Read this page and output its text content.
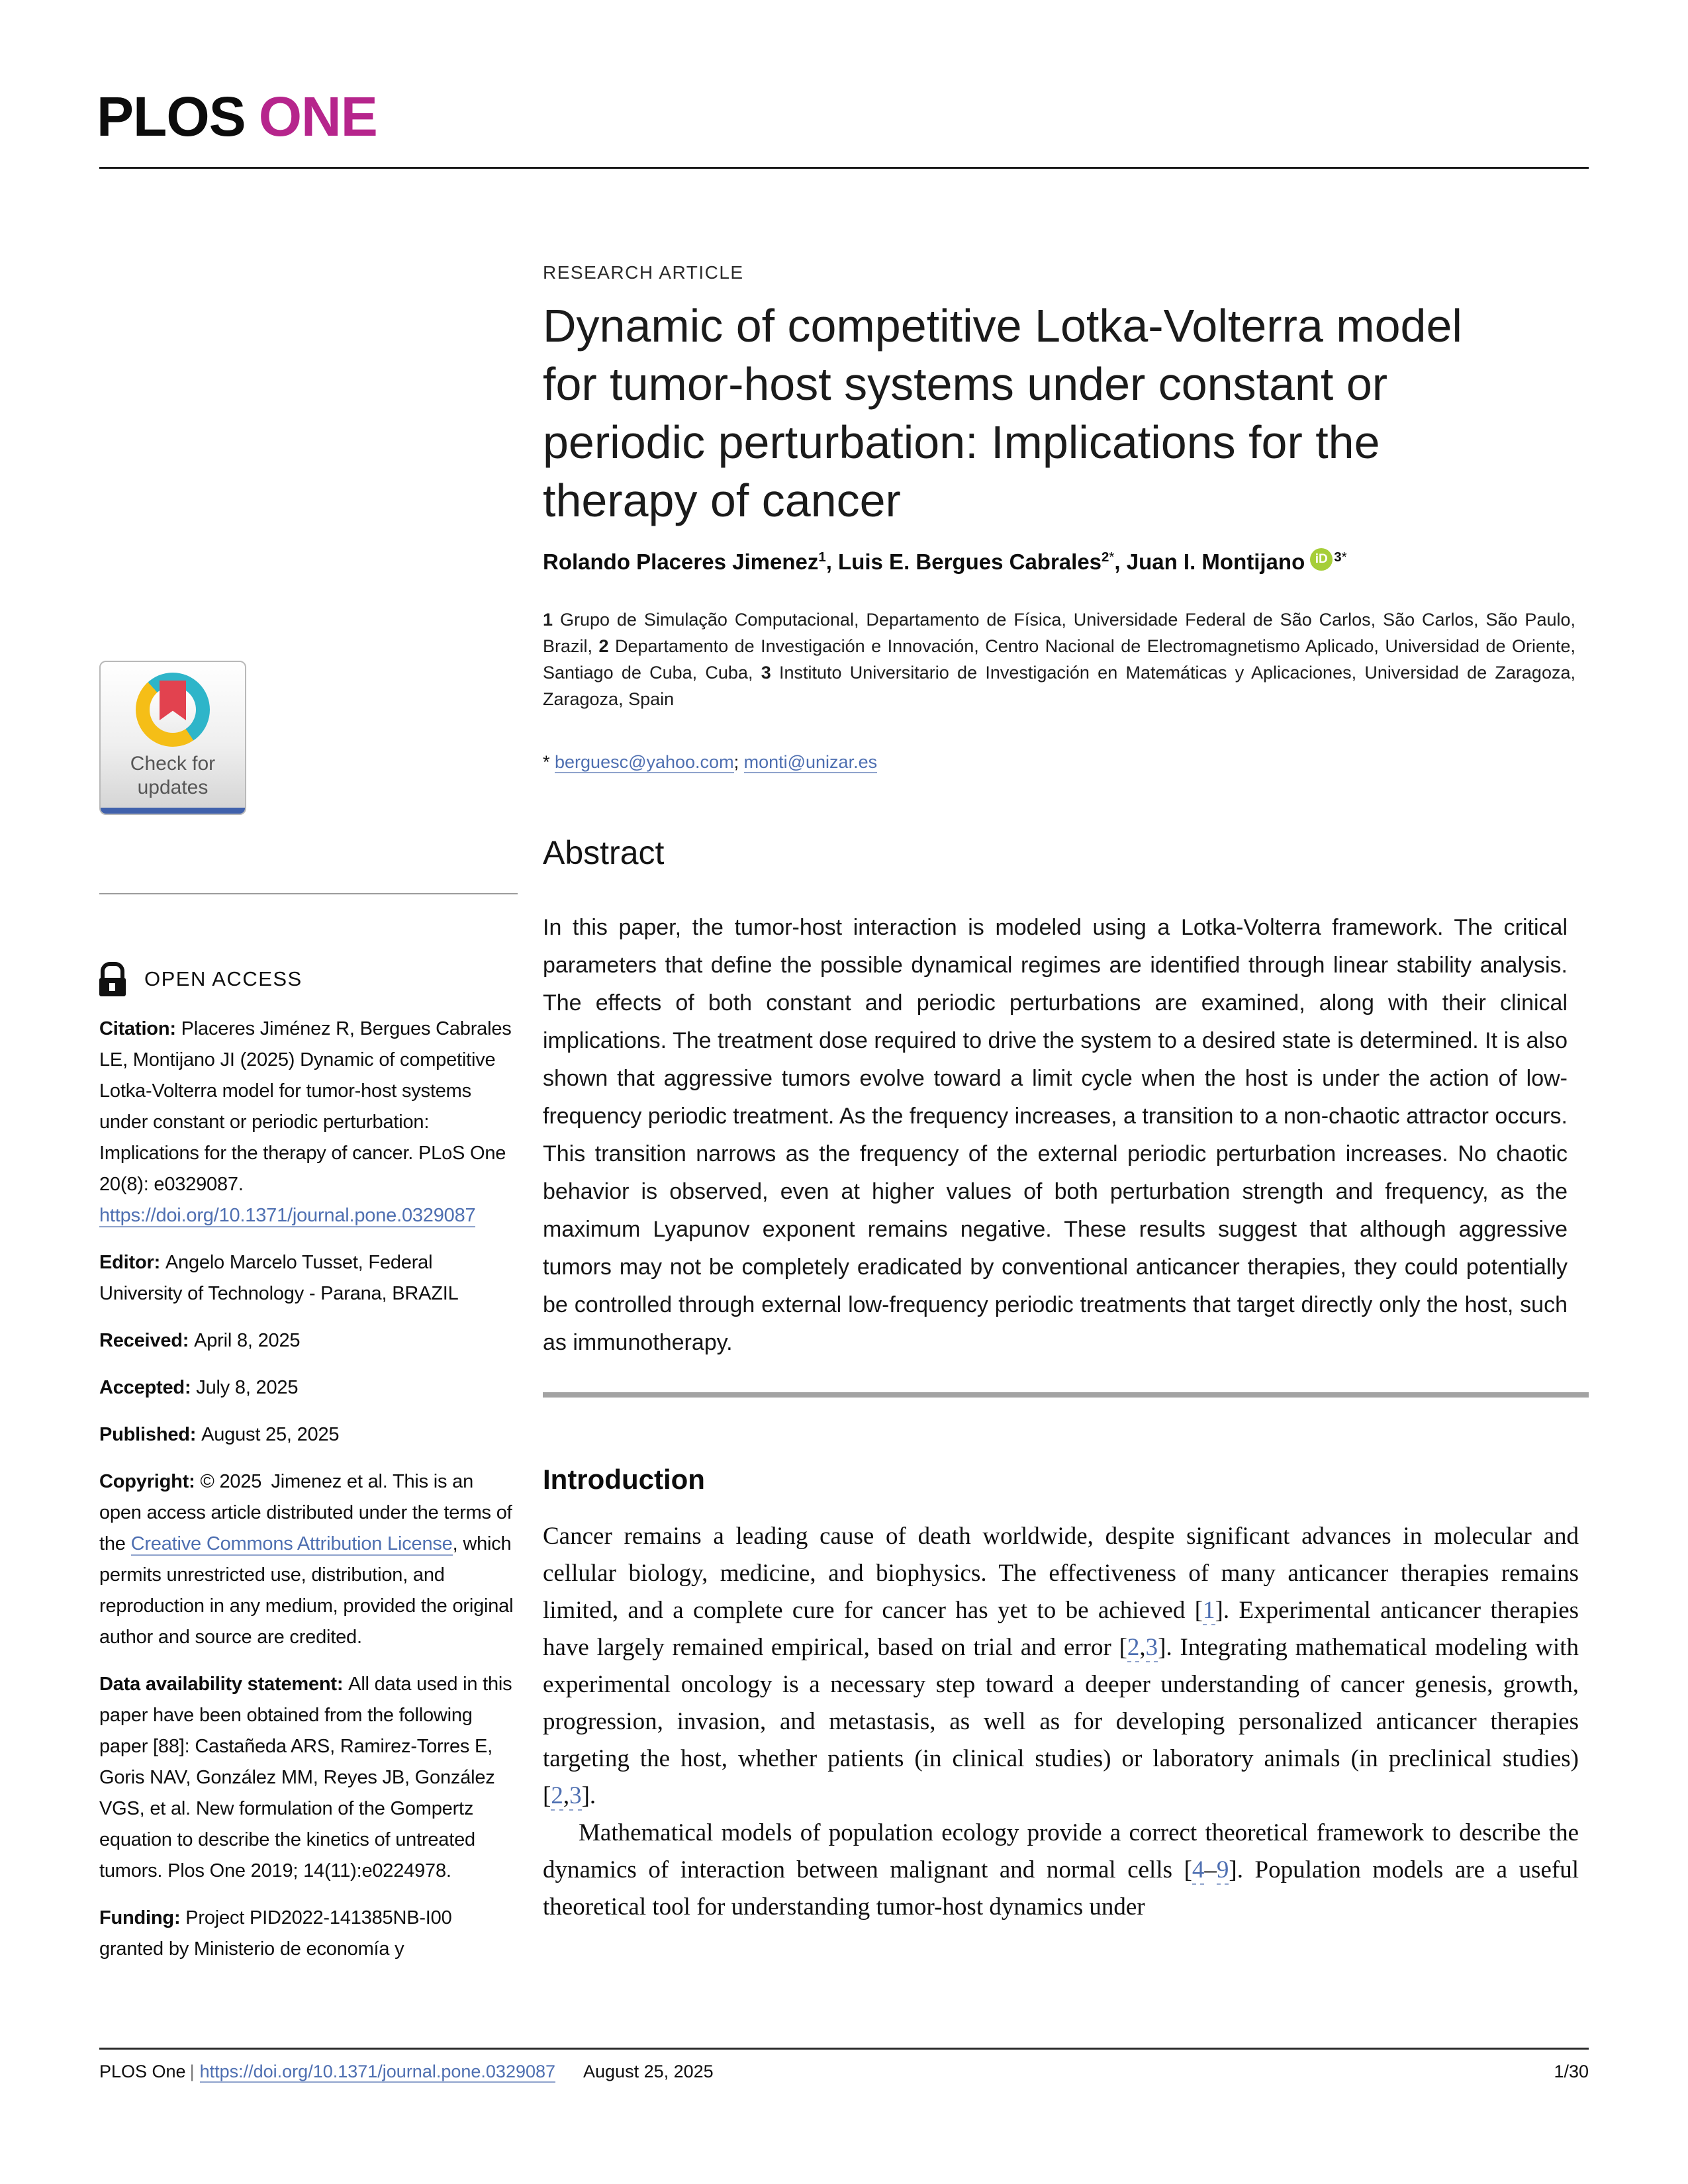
PLOS ONE
Check for
updates
OPEN ACCESS

Citation: Placeres Jiménez R, Bergues Cabrales LE, Montijano JI (2025) Dynamic of competitive Lotka-Volterra model for tumor-host systems under constant or periodic perturbation: Implications for the therapy of cancer. PLoS One 20(8): e0329087. https://doi.org/10.1371/journal.pone.0329087

Editor: Angelo Marcelo Tusset, Federal University of Technology - Parana, BRAZIL

Received: April 8, 2025

Accepted: July 8, 2025

Published: August 25, 2025

Copyright: © 2025 Jimenez et al. This is an open access article distributed under the terms of the Creative Commons Attribution License, which permits unrestricted use, distribution, and reproduction in any medium, provided the original author and source are credited.

Data availability statement: All data used in this paper have been obtained from the following paper [88]: Castañeda ARS, Ramirez-Torres E, Goris NAV, González MM, Reyes JB, González VGS, et al. New formulation of the Gompertz equation to describe the kinetics of untreated tumors. Plos One 2019; 14(11):e0224978.

Funding: Project PID2022-141385NB-I00 granted by Ministerio de economía y

RESEARCH ARTICLE
Dynamic of competitive Lotka-Volterra model for tumor-host systems under constant or periodic perturbation: Implications for the therapy of cancer

Rolando Placeres Jimenez$^1$, Luis E. Bergues Cabrales$^{2*}$, Juan I. Montijano iD $^{3*}$

1 Grupo de Simulação Computacional, Departamento de Física, Universidade Federal de São Carlos, São Carlos, São Paulo, Brazil, 2 Departamento de Investigación e Innovación, Centro Nacional de Electromagnetismo Aplicado, Universidad de Oriente, Santiago de Cuba, Cuba, 3 Instituto Universitario de Investigación en Matemáticas y Aplicaciones, Universidad de Zaragoza, Zaragoza, Spain

* berguesc@yahoo.com; monti@unizar.es

Abstract

In this paper, the tumor-host interaction is modeled using a Lotka-Volterra framework. The critical parameters that define the possible dynamical regimes are identified through linear stability analysis. The effects of both constant and periodic perturbations are examined, along with their clinical implications. The treatment dose required to drive the system to a desired state is determined. It is also shown that aggressive tumors evolve toward a limit cycle when the host is under the action of low-frequency periodic treatment. As the frequency increases, a transition to a non-chaotic attractor occurs. This transition narrows as the frequency of the external periodic perturbation increases. No chaotic behavior is observed, even at higher values of both perturbation strength and frequency, as the maximum Lyapunov exponent remains negative. These results suggest that although aggressive tumors may not be completely eradicated by conventional anticancer therapies, they could potentially be controlled through external low-frequency periodic treatments that target directly only the host, such as immunotherapy.

Introduction

Cancer remains a leading cause of death worldwide, despite significant advances in molecular and cellular biology, medicine, and biophysics. The effectiveness of many anticancer therapies remains limited, and a complete cure for cancer has yet to be achieved [1]. Experimental anticancer therapies have largely remained empirical, based on trial and error [2,3]. Integrating mathematical modeling with experimental oncology is a necessary step toward a deeper understanding of cancer genesis, growth, progression, invasion, and metastasis, as well as for developing personalized anticancer therapies targeting the host, whether patients (in clinical studies) or laboratory animals (in preclinical studies) [2,3].

Mathematical models of population ecology provide a correct theoretical framework to describe the dynamics of interaction between malignant and normal cells [4–9]. Population models are a useful theoretical tool for understanding tumor-host dynamics under

PLOS One | https://doi.org/10.1371/journal.pone.0329087 August 25, 2025	1/30
